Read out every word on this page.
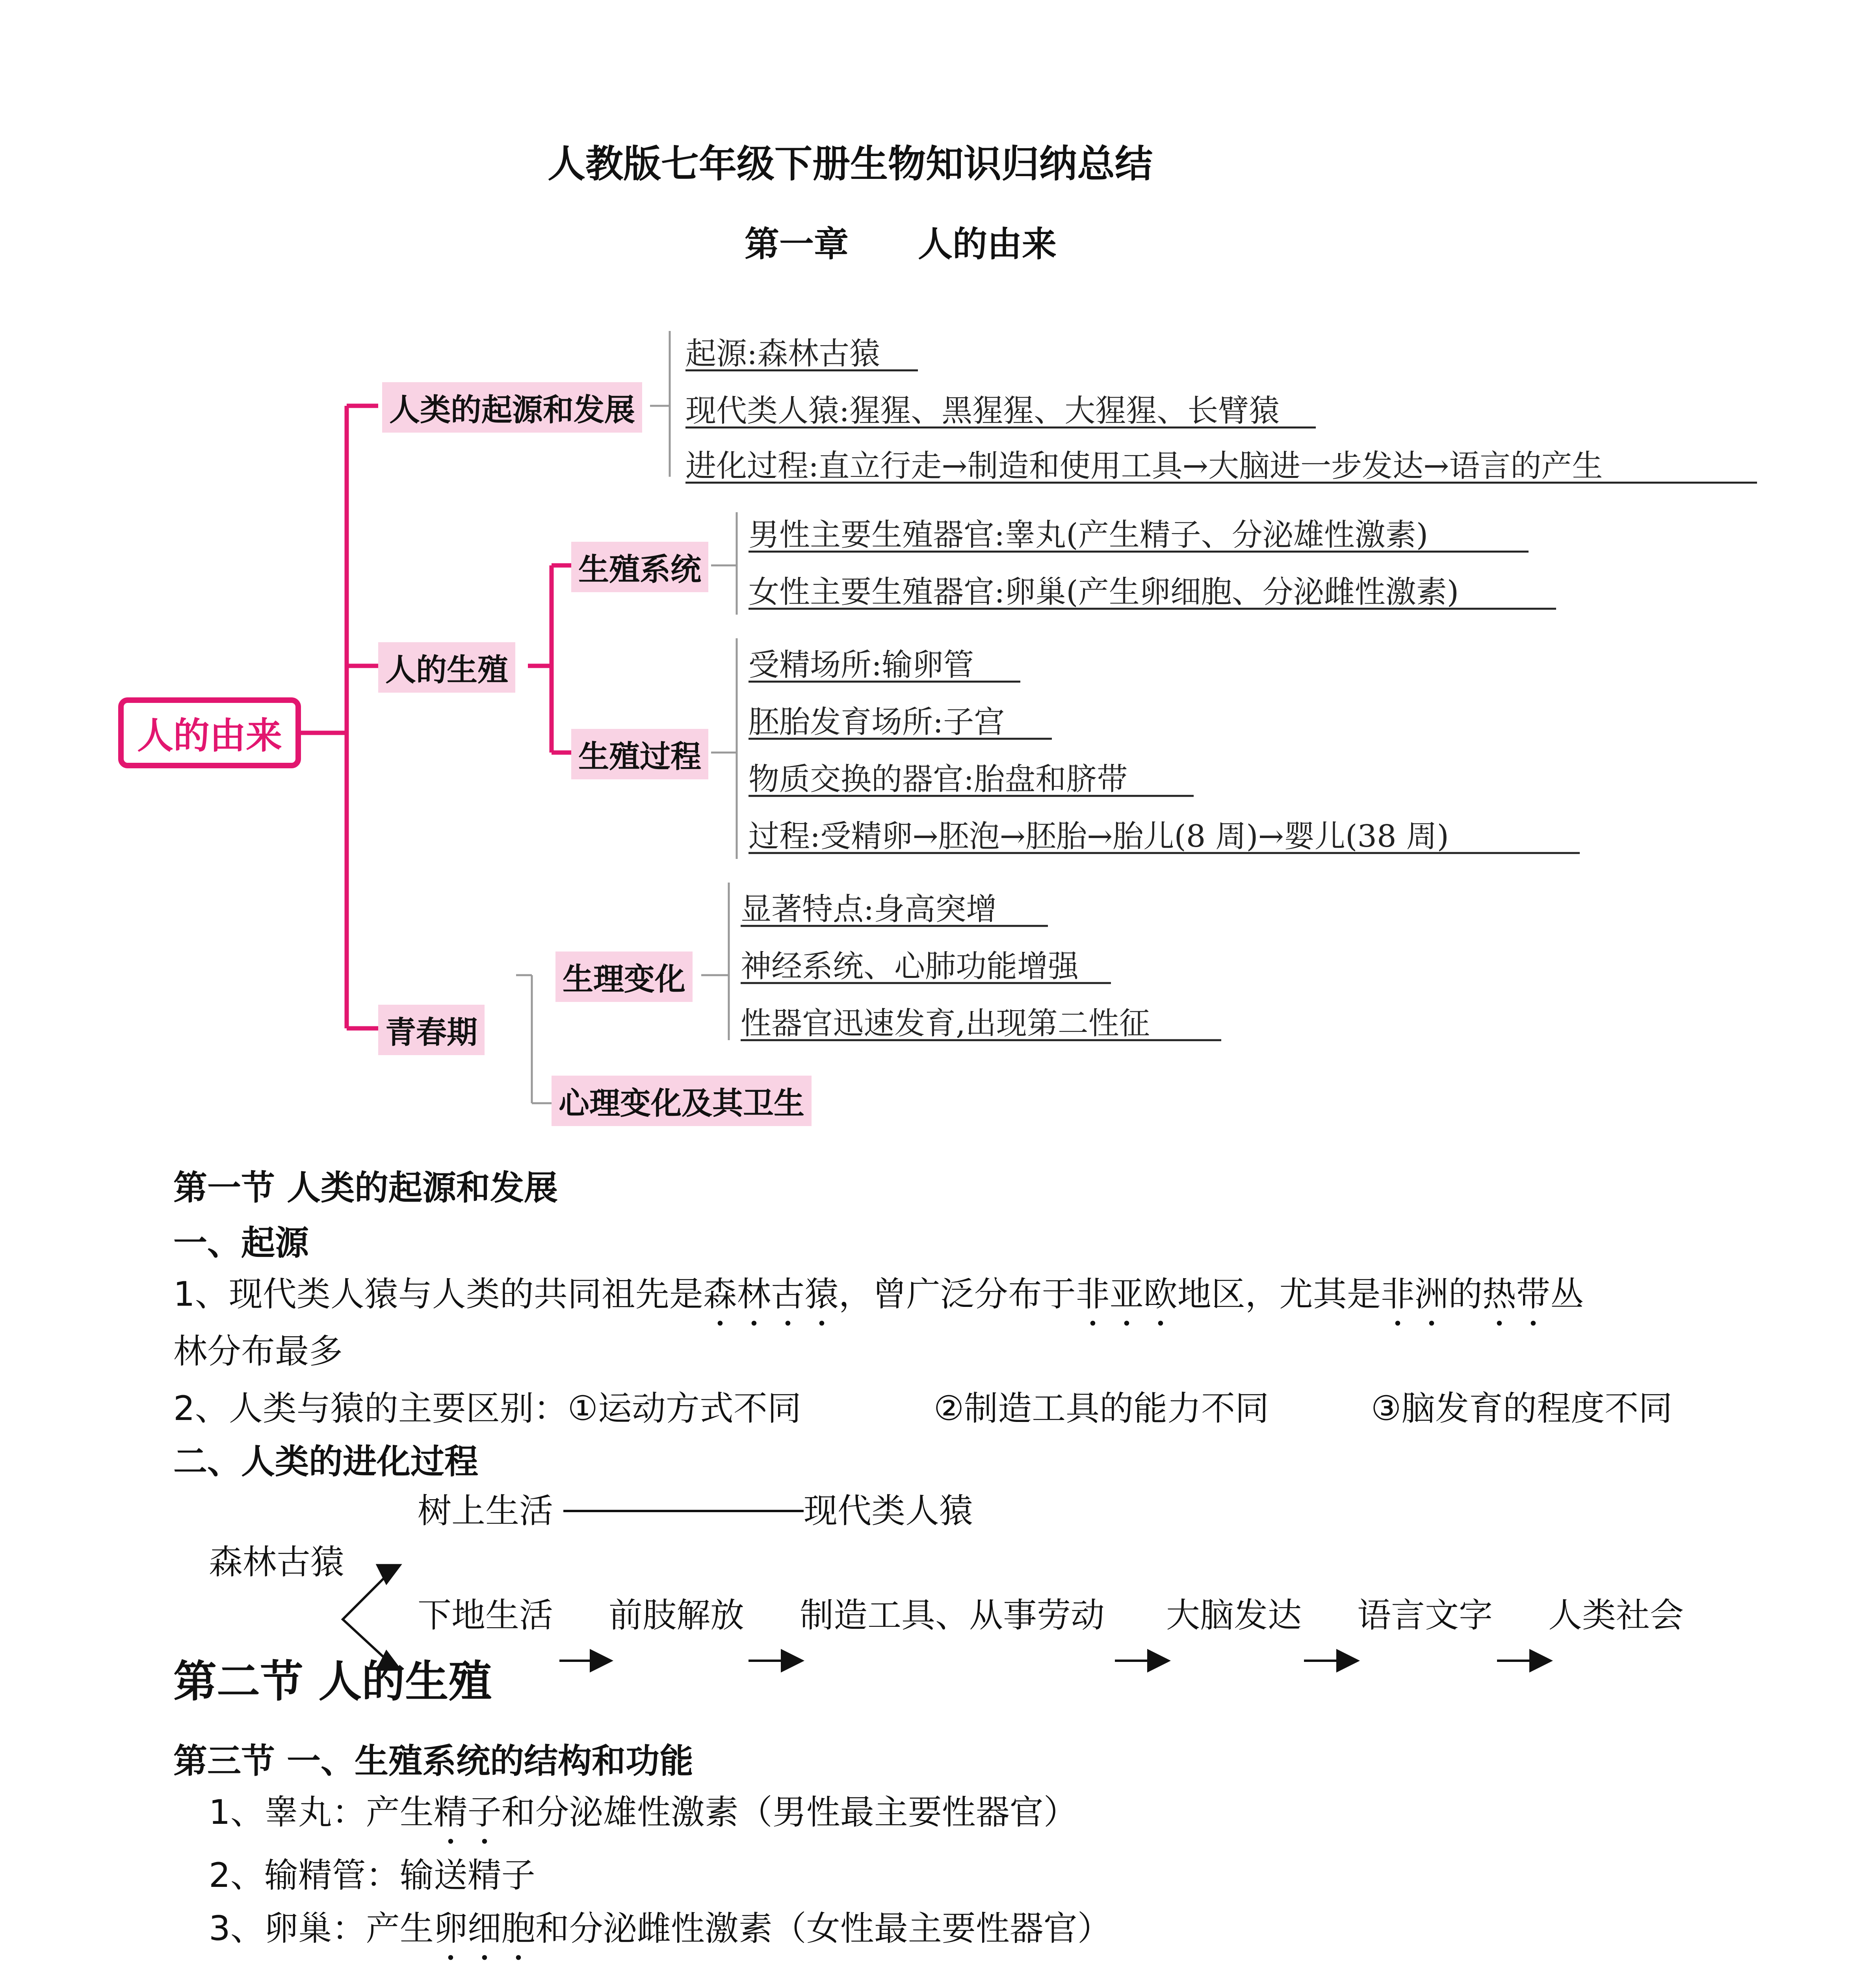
人教版七年级下册生物知识归纳总结
第一章 人的由来
人的由来
人类的起源和发展
起源:森林古猿
现代类人猿:猩猩、黑猩猩、大猩猩、长臂猿
进化过程:直立行走→制造和使用工具→大脑进一步发达→语言的产生
人的生殖
生殖系统
男性主要生殖器官:睾丸(产生精子、分泌雄性激素)
女性主要生殖器官:卵巢(产生卵细胞、分泌雌性激素)
生殖过程
受精场所:输卵管
胚胎发育场所:子宫
物质交换的器官:胎盘和脐带
过程:受精卵→胚泡→胚胎→胎儿(8 周)→婴儿(38 周)
青春期
生理变化
显著特点:身高突增
神经系统、心肺功能增强
性器官迅速发育,出现第二性征
心理变化及其卫生
第一节 人类的起源和发展
一、起源
1、现代类人猿与人类的共同祖先是森林古猿，曾广泛分布于非亚欧地区，尤其是非洲的热带丛
林分布最多
2、人类与猿的主要区别：①运动方式不同	②制造工具的能力不同	③脑发育的程度不同
二、人类的进化过程
树上生活	现代类人猿
森林古猿
下地生活 前肢解放 制造工具、从事劳动 大脑发达 语言文字 人类社会
第二节 人的生殖
第三节 一、生殖系统的结构和功能
1、睾丸：产生精子和分泌雄性激素（男性最主要性器官）
2、输精管：输送精子
3、卵巢：产生卵细胞和分泌雌性激素（女性最主要性器官）
